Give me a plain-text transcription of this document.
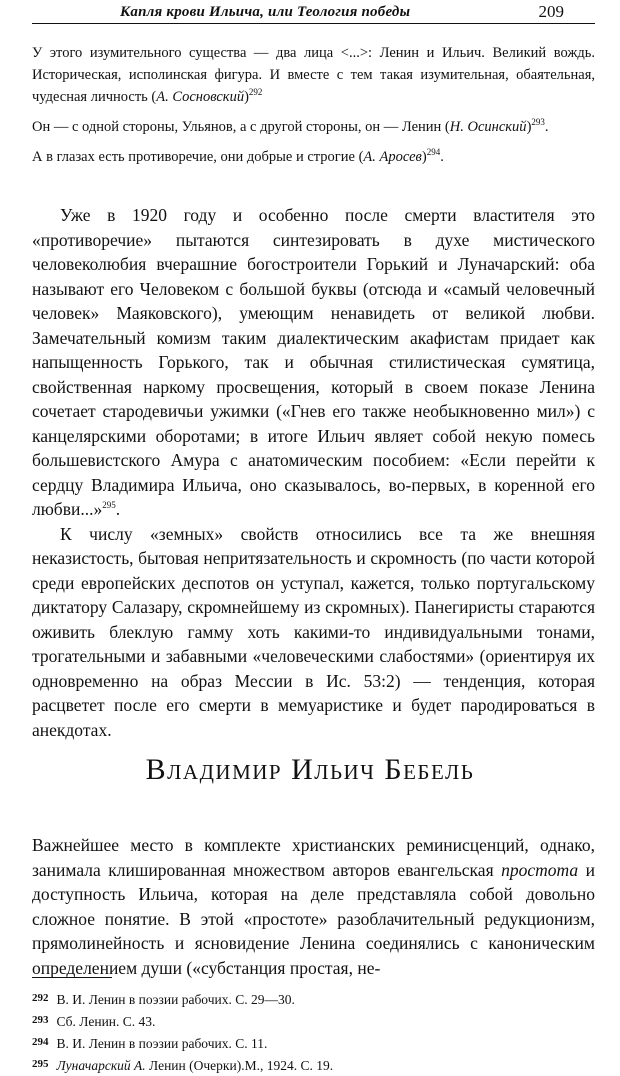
Капля крови Ильича, или Теология победы	209

У этого изумительного существа — два лица <...>: Ленин и Ильич. Великий вождь. Историческая, исполинская фигура. И вместе с тем такая изумительная, обаятельная, чудесная личность (А. Сосновский)$^{292}$

Он — с одной стороны, Ульянов, а с другой стороны, он — Ленин (Н. Осинский)$^{293}$.

А в глазах есть противоречие, они добрые и строгие (А. Аросев)$^{294}$.

Уже в 1920 году и особенно после смерти властителя это «противоречие» пытаются синтезировать в духе мистического человеколюбия вчерашние богостроители Горький и Луначарский: оба называют его Человеком с большой буквы (отсюда и «самый человечный человек» Маяковского), умеющим ненавидеть от великой любви. Замечательный комизм таким диалектическим акафистам придает как напыщенность Горького, так и обычная стилистическая сумятица, свойственная наркому просвещения, который в своем показе Ленина сочетает стародевичьи ужимки («Гнев его также необыкновенно мил») с канцелярскими оборотами; в итоге Ильич являет собой некую помесь большевистского Амура с анатомическим пособием: «Если перейти к сердцу Владимира Ильича, оно сказывалось, во-первых, в коренной его любви...»$^{295}$.

К числу «земных» свойств относились все та же внешняя неказистость, бытовая непритязательность и скромность (по части которой среди европейских деспотов он уступал, кажется, только португальскому диктатору Салазару, скромнейшему из скромных). Панегиристы стараются оживить блеклую гамму хоть какими-то индивидуальными тонами, трогательными и забавными «человеческими слабостями» (ориентируя их одновременно на образ Мессии в Ис. 53:2) — тенденция, которая расцветет после его смерти в мемуаристике и будет пародироваться в анекдотах.

Владимир Ильич Бебель

Важнейшее место в комплекте христианских реминисценций, однако, занимала клишированная множеством авторов евангельская простота и доступность Ильича, которая на деле представляла собой довольно сложное понятие. В этой «простоте» разоблачительный редукционизм, прямолинейность и ясновидение Ленина соединялись с каноническим определением души («субстанция простая, не-

$^{292}$ В. И. Ленин в поэзии рабочих. С. 29—30.

$^{293}$ Сб. Ленин. С. 43.

$^{294}$ В. И. Ленин в поэзии рабочих. С. 11.

$^{295}$ Луначарский А. Ленин (Очерки).М., 1924. С. 19.
